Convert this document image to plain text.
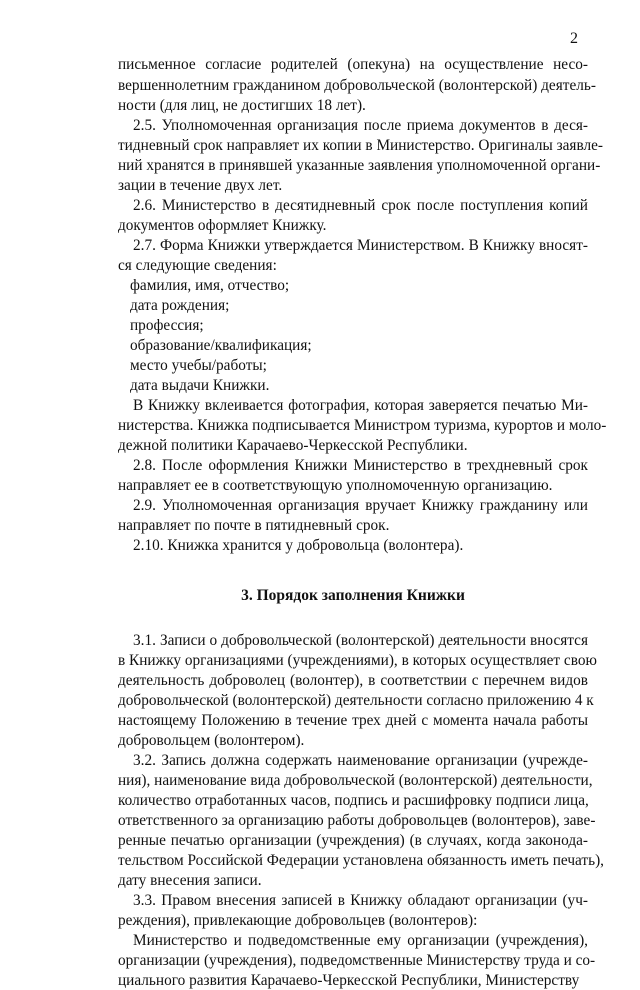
2
письменное согласие родителей (опекуна) на осуществление несо-
вершеннолетним гражданином добровольческой (волонтерской) деятель-
ности (для лиц, не достигших 18 лет).
2.5. Уполномоченная организация после приема документов в деся-
тидневный срок направляет их копии в Министерство. Оригиналы заявле-
ний хранятся в принявшей указанные заявления уполномоченной органи-
зации в течение двух лет.
2.6. Министерство в десятидневный срок после поступления копий
документов оформляет Книжку.
2.7. Форма Книжки утверждается Министерством. В Книжку вносят-
ся следующие сведения:
фамилия, имя, отчество;
дата рождения;
профессия;
образование/квалификация;
место учебы/работы;
дата выдачи Книжки.
В Книжку вклеивается фотография, которая заверяется печатью Ми-
нистерства. Книжка подписывается Министром туризма, курортов и моло-
дежной политики Карачаево-Черкесской Республики.
2.8. После оформления Книжки Министерство в трехдневный срок
направляет ее в соответствующую уполномоченную организацию.
2.9. Уполномоченная организация вручает Книжку гражданину или
направляет по почте в пятидневный срок.
2.10. Книжка хранится у добровольца (волонтера).
3. Порядок заполнения Книжки
3.1. Записи о добровольческой (волонтерской) деятельности вносятся
в Книжку организациями (учреждениями), в которых осуществляет свою
деятельность доброволец (волонтер), в соответствии с перечнем видов
добровольческой (волонтерской) деятельности согласно приложению 4 к
настоящему Положению в течение трех дней с момента начала работы
добровольцем (волонтером).
3.2. Запись должна содержать наименование организации (учрежде-
ния), наименование вида добровольческой (волонтерской) деятельности,
количество отработанных часов, подпись и расшифровку подписи лица,
ответственного за организацию работы добровольцев (волонтеров), заве-
ренные печатью организации (учреждения) (в случаях, когда законода-
тельством Российской Федерации установлена обязанность иметь печать),
дату внесения записи.
3.3. Правом внесения записей в Книжку обладают организации (уч-
реждения), привлекающие добровольцев (волонтеров):
Министерство и подведомственные ему организации (учреждения),
организации (учреждения), подведомственные Министерству труда и со-
циального развития Карачаево-Черкесской Республики, Министерству
